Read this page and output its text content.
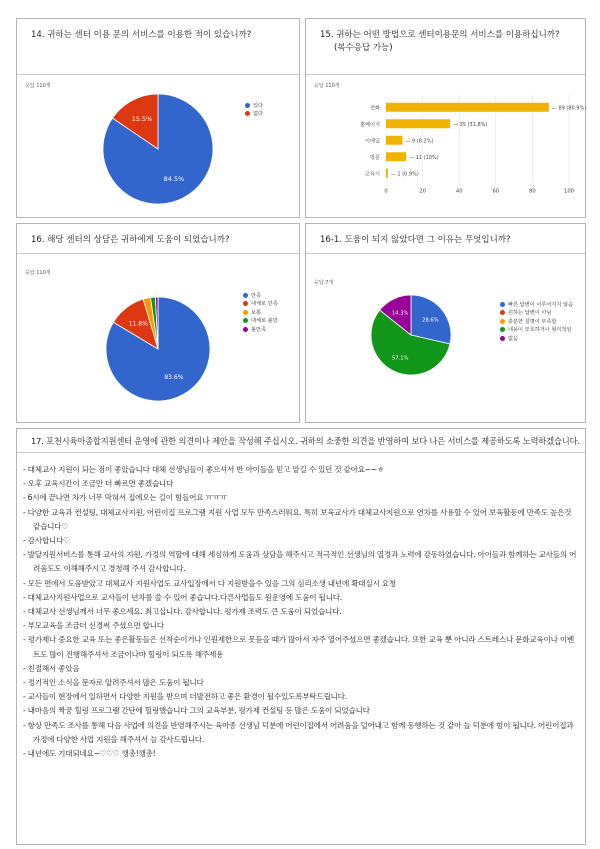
14. 귀하는 센터 이용 문의 서비스를 이용한 적이 있습니까?
응답 110개
84.5%
15.5%
있다
없다
15. 귀하는 어떤 방법으로 센터이용문의 서비스를 이용하십니까?
(복수응답 가능)
응답 110개
0	20	40	60	80	100
전화	— 89 (80.9%)
홈페이지	— 35 (31.8%)
이메일	— 9 (8.2%)
방문	— 11 (10%)
교육시 — 1 (0.9%)
16. 해당 센터의 상담은 귀하에게 도움이 되었습니까?
응답 110개
83.6%
11.8%
만족
대체로 만족
보통
대체로 불만
불만족
16-1. 도움이 되지 않았다면 그 이유는 무엇입니까?
응답 7개
28.6%
57.1%
14.3%
빠른 답변이 이루어지지 않음
원하는 답변이 아님
충분한 설명이 부족함
내용이 모호하거나 형식적임
없음
17. 포천시육아종합지원센터 운영에 관한 의견이나 제안을 작성해 주십시오. 귀하의 소중한 의견을 반영하여 보다 나은 서비스를 제공하도록 노력하겠습니다.
- 대체교사 지원이 되는 점이 좋았습니다 대체 선생님들이 좋으셔서 반 아이들을 믿고 맡길 수 있던 것 같아요~~ㅎ
- 오후 교육시간이 조금만 더 빠르면 좋겠습니다
- 6시에 끝나면 차가 너무 막혀서 집에오는 길이 힘들어요 ㅠㅠㅠ
- 다양한 교육과 컨설팅, 대체교사지원, 어린이집 프로그램 지원 사업 모두 만족스러워요. 특히 보육교사가 대체교사지원으로 연차를 사용할 수 있어 보육활동에 만족도 높은것 같습니다♡
- 감사합니다♡
- 발달지원서비스를 통해 교사의 지원, 가정의 역할에 대해 세심하게 도움과 상담을 해주시고 적극적인 선생님의 열정과 노력에 감동하였습니다. 아이들과 함께하는 교사들의 어려움도도 이해해주시고 경청해 주셔 감사합니다.
- 모든 면에서 도움받았고 대체교사 지원사업도 교사입장에서 다 지원받을수 있음 그의 심리소생 내년에 확대실시 요청
- 대체교사지원사업으로 교사들이 년차를 쓸 수 있어 좋습니다.다른사업들도 원운영에 도움이 됩니다.
- 대체교사 선생님께서 너무 좋으세요. 최고십니다. 감사합니다. 평가제 조력도 큰 도움이 되었습니다.
- 부모교육을 조금더 신경써 주셨으면 합니다
- 평가제나 중요한 교육 또는 좋은활동들은 선착순이거나 인원제한으로 못듣을 때가 많아서 자주 열어주셨으면 좋겠습니다. 또한 교육 뿐 아니라 스트레스나 문화교육이나 이벤트도 많이 진행해주셔서 조금이나마 힐링이 되도록 해주세용
- 친절해서 좋았음
- 정기적인 소식을 문자로 알려주셔서 많은 도움이 됩니다
- 교사들이 현장에서 일하면서 다양한 지원을 받으며 더발전하고 좋은 환경이 될수있도록부탁드립니다.
- 내마음의 짝꿍 힐링 프로그램 간단에 힐링했습니다 그의 교육부분, 평가제 컨설팅 등 많은 도움이 되었습니다
- 항상 만족도 조사를 통해 다음 사업에 의견을 반영해주시는 육아종 선생님 덕분에 어린이집에서 어려움을 덜어내고 함께 동행하는 것 같아 늘 덕분에 힘이 됩니다. 어린이집과 가정에 다양한 사업 지원을 해주셔서 늘 감사드립니다.
- 내년에도 기대되네요~♡♡♡ 깽총!깽총!
